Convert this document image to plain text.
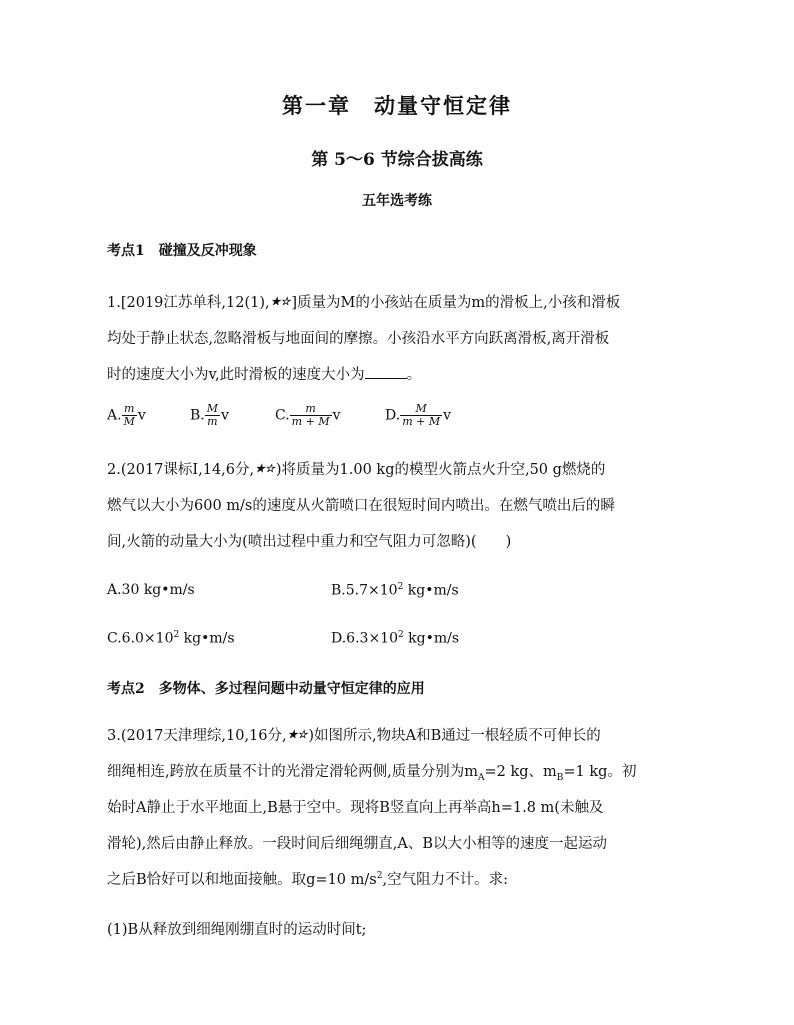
第一章　动量守恒定律
第 5～6 节综合拔高练
五年选考练
考点1　碰撞及反冲现象
1.[2019江苏单科,12(1),★☆]质量为M的小孩站在质量为m的滑板上,小孩和滑板
均处于静止状态,忽略滑板与地面间的摩擦。小孩沿水平方向跃离滑板,离开滑板
时的速度大小为v,此时滑板的速度大小为	。
A. $\frac{m}{M}$ v	B. $\frac{M}{m}$ v	C. $\frac{m}{m + M}$ v	D. $\frac{M}{m + M}$ v
2.(2017课标Ⅰ,14,6分,★☆)将质量为1.00 kg的模型火箭点火升空,50 g燃烧的
燃气以大小为600 m/s的速度从火箭喷口在很短时间内喷出。在燃气喷出后的瞬
间,火箭的动量大小为(喷出过程中重力和空气阻力可忽略)(　　)
A.30 kg•m/s	$B.5.7\times 10^2$ kg•m/s
$C.6.0\times 10^2$ kg•m/s	$D.6.3\times 10^2$ kg•m/s
考点2　多物体、多过程问题中动量守恒定律的应用
3.(2017天津理综,10,16分,★☆)如图所示,物块A和B通过一根轻质不可伸长的
细绳相连,跨放在质量不计的光滑定滑轮两侧,质量分别为$m_A=2$ kg、$m_B=1$ kg。初
始时A静止于水平地面上,B悬于空中。现将B竖直向上再举高h=1.8 m(未触及
滑轮),然后由静止释放。一段时间后细绳绷直,A、B以大小相等的速度一起运动
之后B恰好可以和地面接触。取g=10 $m/s^2$,空气阻力不计。求:
(1)B从释放到细绳刚绷直时的运动时间t;
